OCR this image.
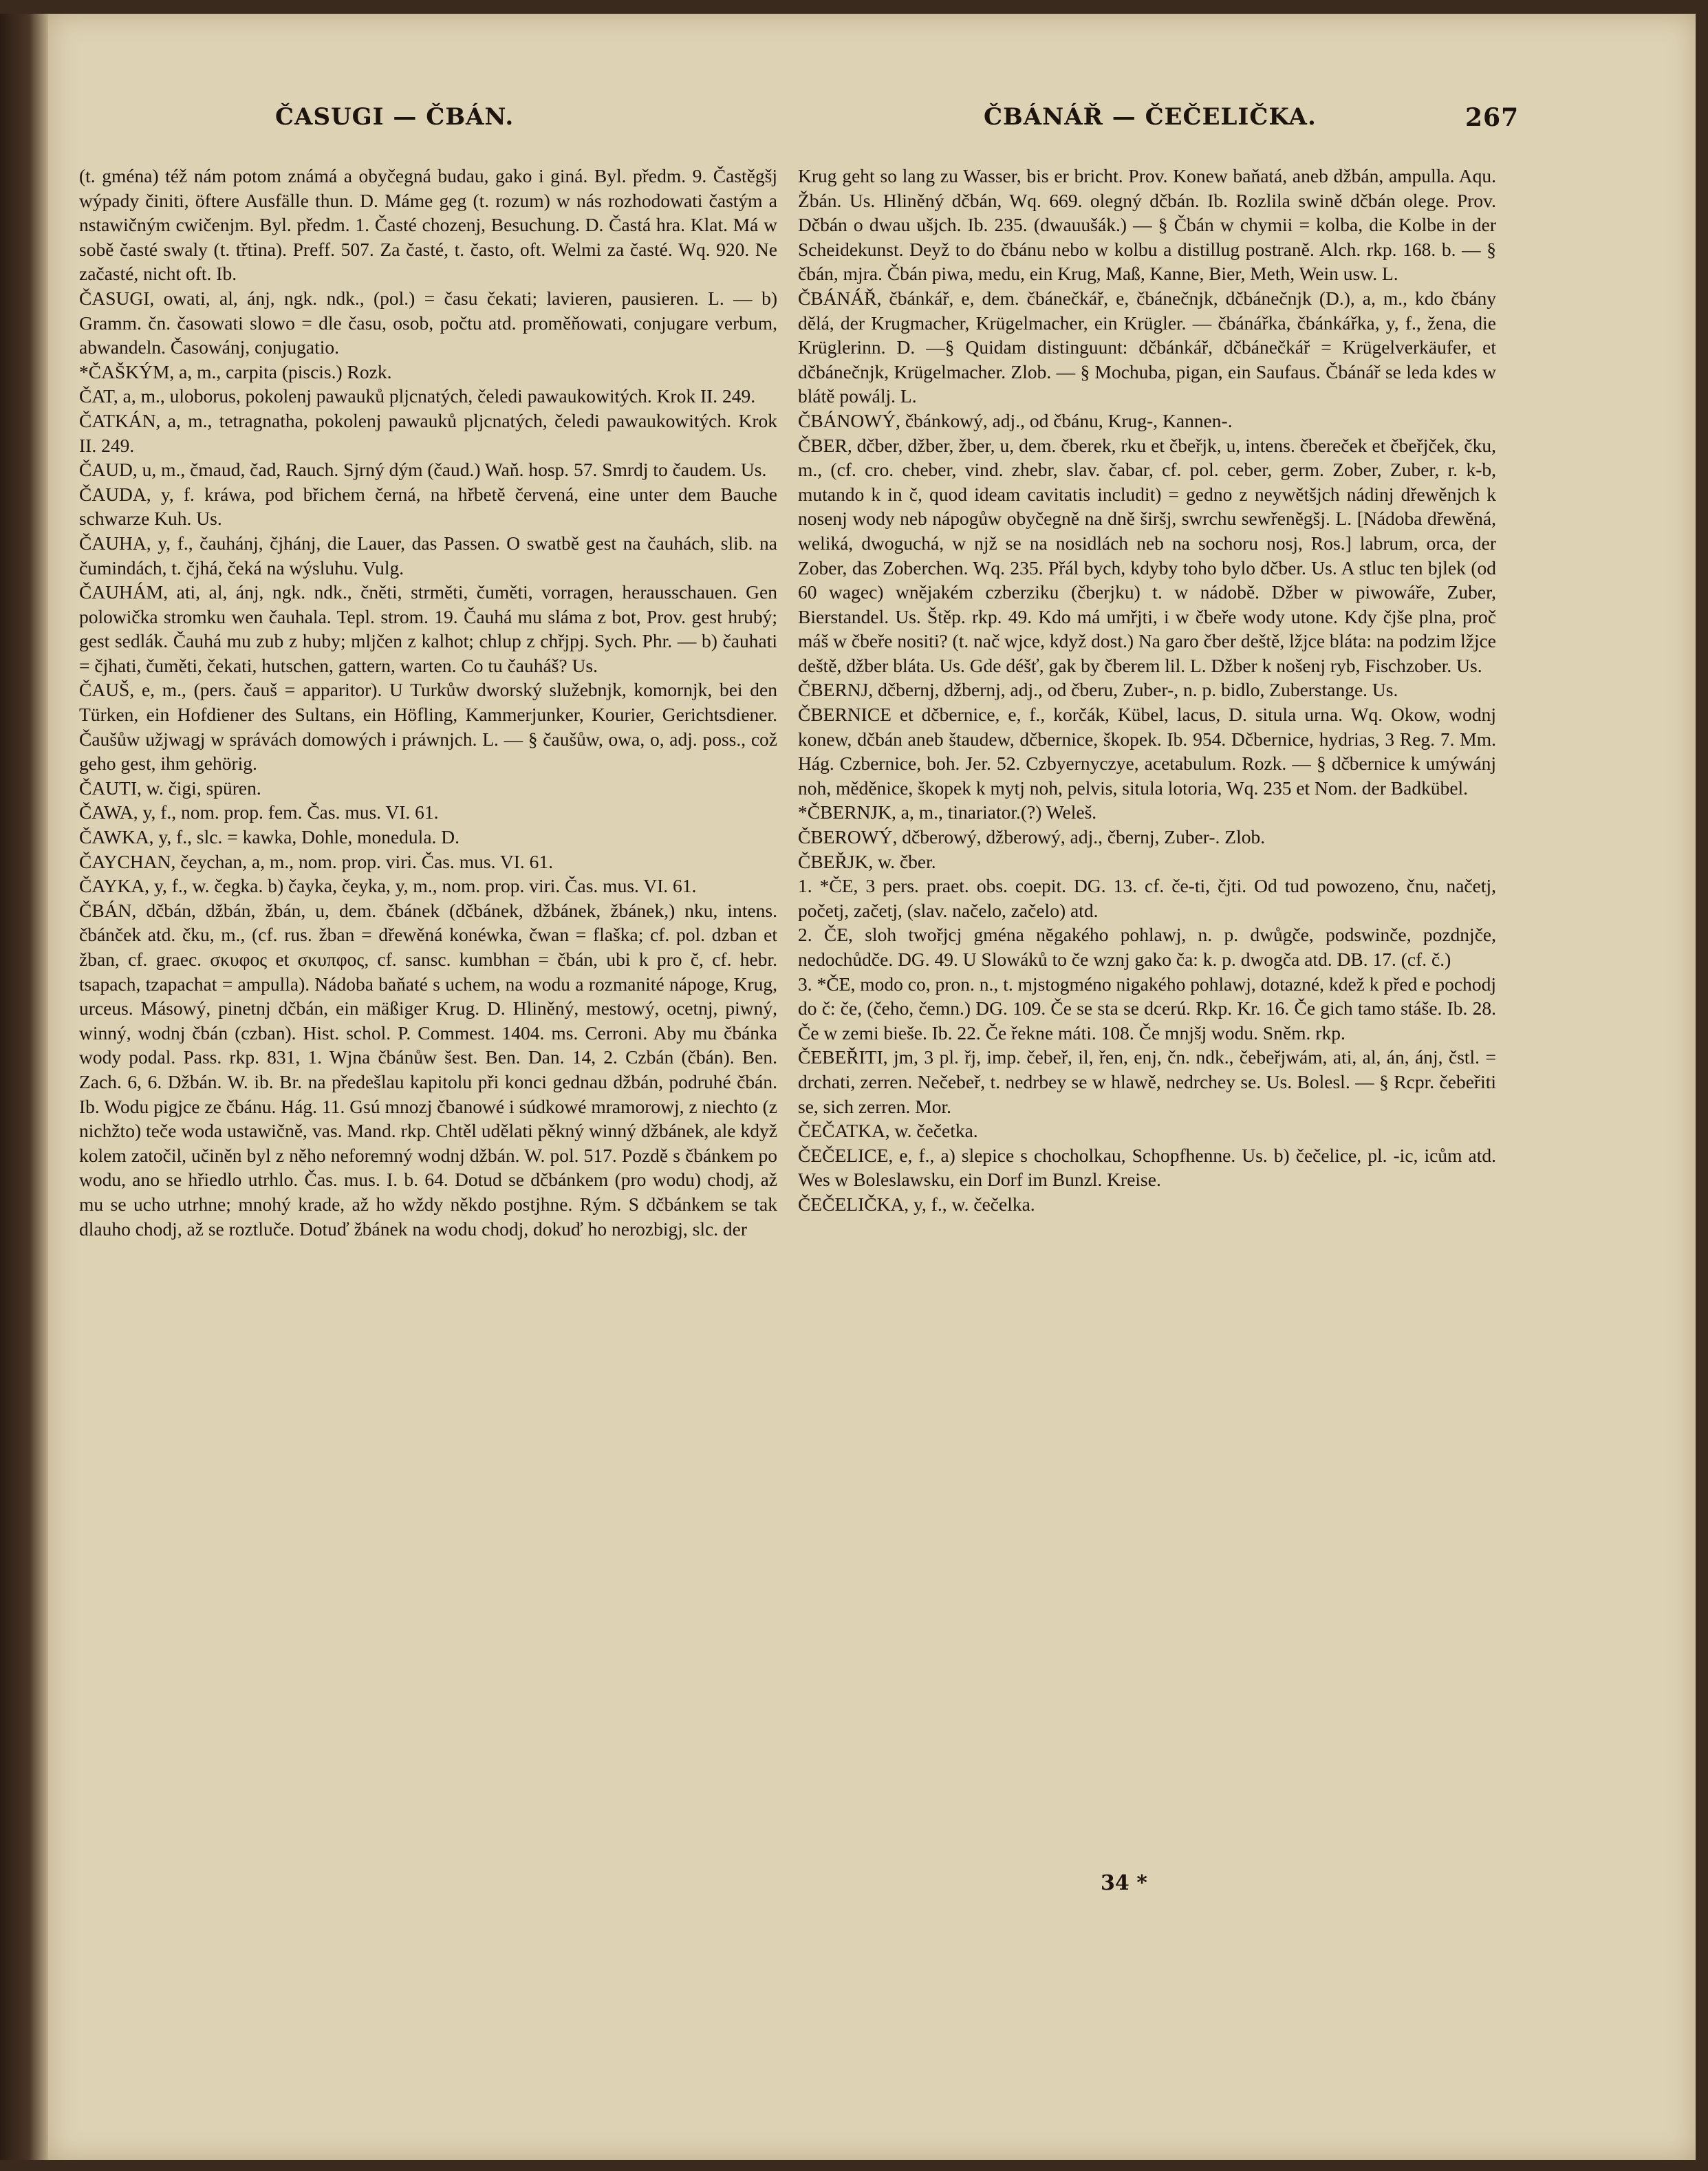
ČASUGI — ČBÁN.	ČBÁNÁŘ — ČEČELIČKA.	267

(t. gména) též nám potom známá a obyčegná budau, gako i giná. Byl. předm. 9. Častěgšj wýpady činiti, öftere Ausfälle thun. D. Máme geg (t. rozum) w nás rozhodowati častým a nstawičným cwičenjm. Byl. předm. 1. Časté chozenj, Besuchung. D. Častá hra. Klat. Má w sobě časté swaly (t. třtina). Preff. 507. Za časté, t. často, oft. Welmi za časté. Wq. 920. Ne začasté, nicht oft. Ib.

ČASUGI, owati, al, ánj, ngk. ndk., (pol.) = času čekati; lavieren, pausieren. L. — b) Gramm. čn. časowati slowo = dle času, osob, počtu atd. proměňowati, conjugare verbum, abwandeln. Časowánj, conjugatio.

*ČAŠKÝM, a, m., carpita (piscis.) Rozk.

ČAT, a, m., uloborus, pokolenj pawauků pljcnatých, čeledi pawaukowitých. Krok II. 249.

ČATKÁN, a, m., tetragnatha, pokolenj pawauků pljcnatých, čeledi pawaukowitých. Krok II. 249.

ČAUD, u, m., čmaud, čad, Rauch. Sjrný dým (čaud.) Waň. hosp. 57. Smrdj to čaudem. Us.

ČAUDA, y, f. kráwa, pod břichem černá, na hřbetě červená, eine unter dem Bauche schwarze Kuh. Us.

ČAUHA, y, f., čauhánj, čjhánj, die Lauer, das Passen. O swatbě gest na čauhách, slib. na čumindách, t. čjhá, čeká na wýsluhu. Vulg.

ČAUHÁM, ati, al, ánj, ngk. ndk., čněti, strměti, čuměti, vorragen, herausschauen. Gen polowička stromku wen čauhala. Tepl. strom. 19. Čauhá mu sláma z bot, Prov. gest hrubý; gest sedlák. Čauhá mu zub z huby; mljčen z kalhot; chlup z chřjpj. Sych. Phr. — b) čauhati = čjhati, čuměti, čekati, hutschen, gattern, warten. Co tu čauháš? Us.

ČAUŠ, e, m., (pers. čauš = apparitor). U Turkůw dworský služebnjk, komornjk, bei den Türken, ein Hofdiener des Sultans, ein Höfling, Kammerjunker, Kourier, Gerichtsdiener. Čaušůw užjwagj w správách domowých i práwnjch. L. — § čaušůw, owa, o, adj. poss., což geho gest, ihm gehörig.

ČAUTI, w. čigi, spüren.

ČAWA, y, f., nom. prop. fem. Čas. mus. VI. 61.

ČAWKA, y, f., slc. = kawka, Dohle, monedula. D.

ČAYCHAN, čeychan, a, m., nom. prop. viri. Čas. mus. VI. 61.

ČAYKA, y, f., w. čegka. b) čayka, čeyka, y, m., nom. prop. viri. Čas. mus. VI. 61.

ČBÁN, dčbán, džbán, žbán, u, dem. čbánek (dčbánek, džbánek, žbánek,) nku, intens. čbánček atd. čku, m., (cf. rus. žban = dřewěná konéwka, čwan = flaška; cf. pol. dzban et žban, cf. graec. σκυφος et σκυπφος, cf. sansc. kumbhan = čbán, ubi k pro č, cf. hebr. tsapach, tzapachat = ampulla). Nádoba baňaté s uchem, na wodu a rozmanité nápoge, Krug, urceus. Másowý, pinetnj dčbán, ein mäßiger Krug. D. Hliněný, mestowý, ocetnj, piwný, winný, wodnj čbán (czban). Hist. schol. P. Commest. 1404. ms. Cerroni. Aby mu čbánka wody podal. Pass. rkp. 831, 1. Wjna čbánůw šest. Ben. Dan. 14, 2. Czbán (čbán). Ben. Zach. 6, 6. Džbán. W. ib. Br. na předešlau kapitolu při konci gednau džbán, podruhé čbán. Ib. Wodu pigjce ze čbánu. Hág. 11. Gsú mnozj čbanowé i súdkowé mramorowj, z niechto (z nichžto) teče woda ustawičně, vas. Mand. rkp. Chtěl udělati pěkný winný džbánek, ale když kolem zatočil, učiněn byl z něho neforemný wodnj džbán. W. pol. 517. Pozdě s čbánkem po wodu, ano se hřiedlo utrhlo. Čas. mus. I. b. 64. Dotud se dčbánkem (pro wodu) chodj, až mu se ucho utrhne; mnohý krade, až ho wždy někdo postjhne. Rým. S dčbánkem se tak dlauho chodj, až se roztluče. Dotuď žbánek na wodu chodj, dokuď ho nerozbigj, slc. der

Krug geht so lang zu Wasser, bis er bricht. Prov. Konew baňatá, aneb džbán, ampulla. Aqu. Žbán. Us. Hliněný dčbán, Wq. 669. olegný dčbán. Ib. Rozlila swině dčbán olege. Prov. Dčbán o dwau ušjch. Ib. 235. (dwauušák.) — § Čbán w chymii = kolba, die Kolbe in der Scheidekunst. Deyž to do čbánu nebo w kolbu a distillug postraně. Alch. rkp. 168. b. — § čbán, mjra. Čbán piwa, medu, ein Krug, Maß, Kanne, Bier, Meth, Wein usw. L.

ČBÁNÁŘ, čbánkář, e, dem. čbánečkář, e, čbánečnjk, dčbánečnjk (D.), a, m., kdo čbány dělá, der Krugmacher, Krügelmacher, ein Krügler. — čbánářka, čbánkářka, y, f., žena, die Krüglerinn. D. —§ Quidam distinguunt: dčbánkář, dčbánečkář = Krügelverkäufer, et dčbánečnjk, Krügelmacher. Zlob. — § Mochuba, pigan, ein Saufaus. Čbánář se leda kdes w blátě powálj. L.

ČBÁNOWÝ, čbánkowý, adj., od čbánu, Krug-, Kannen-.

ČBER, dčber, džber, žber, u, dem. čberek, rku et čbeřjk, u, intens. čbereček et čbeřjček, čku, m., (cf. cro. cheber, vind. zhebr, slav. čabar, cf. pol. ceber, germ. Zober, Zuber, r. k-b, mutando k in č, quod ideam cavitatis includit) = gedno z neywětšjch nádinj dřewěnjch k nosenj wody neb nápogůw obyčegně na dně širšj, swrchu sewřeněgšj. L. [Nádoba dřewěná, weliká, dwoguchá, w njž se na nosidlách neb na sochoru nosj, Ros.] labrum, orca, der Zober, das Zoberchen. Wq. 235. Přál bych, kdyby toho bylo dčber. Us. A stluc ten bjlek (od 60 wagec) wnějakém czberziku (čberjku) t. w nádobě. Džber w piwowáře, Zuber, Bierstandel. Us. Štěp. rkp. 49. Kdo má umřjti, i w čbeře wody utone. Kdy čjše plna, proč máš w čbeře nositi? (t. nač wjce, když dost.) Na garo čber deště, lžjce bláta: na podzim lžjce deště, džber bláta. Us. Gde déšť, gak by čberem lil. L. Džber k nošenj ryb, Fischzober. Us.

ČBERNJ, dčbernj, džbernj, adj., od čberu, Zuber-, n. p. bidlo, Zuberstange. Us.

ČBERNICE et dčbernice, e, f., korčák, Kübel, lacus, D. situla urna. Wq. Okow, wodnj konew, dčbán aneb štaudew, dčbernice, škopek. Ib. 954. Dčbernice, hydrias, 3 Reg. 7. Mm. Hág. Czbernice, boh. Jer. 52. Czbyernyczye, acetabulum. Rozk. — § dčbernice k umýwánj noh, měděnice, škopek k mytj noh, pelvis, situla lotoria, Wq. 235 et Nom. der Badkübel.

*ČBERNJK, a, m., tinariator.(?) Weleš.

ČBEROWÝ, dčberowý, džberowý, adj., čbernj, Zuber-. Zlob.

ČBEŘJK, w. čber.

1. *ČE, 3 pers. praet. obs. coepit. DG. 13. cf. če-ti, čjti. Od tud powozeno, čnu, načetj, početj, začetj, (slav. načelo, začelo) atd.

2. ČE, sloh twořjcj gména nĕgakého pohlawj, n. p. dwůgče, podswinče, pozdnjče, nedochůdče. DG. 49. U Slowáků to če wznj gako ča: k. p. dwogča atd. DB. 17. (cf. č.)

3. *ČE, modo co, pron. n., t. mjstogméno nigakého pohlawj, dotazné, kdež k před e pochodj do č: če, (čeho, čemn.) DG. 109. Če se sta se dcerú. Rkp. Kr. 16. Če gich tamo stáše. Ib. 28. Če w zemi bieše. Ib. 22. Če řekne máti. 108. Če mnjšj wodu. Sněm. rkp.

ČEBEŘITI, jm, 3 pl. řj, imp. čebeř, il, řen, enj, čn. ndk., čebeřjwám, ati, al, án, ánj, čstl. = drchati, zerren. Nečebeř, t. nedrbey se w hlawě, nedrchey se. Us. Bolesl. — § Rcpr. čebeřiti se, sich zerren. Mor.

ČEČATKA, w. čečetka.

ČEČELICE, e, f., a) slepice s chocholkau, Schopfhenne. Us. b) čečelice, pl. -ic, icům atd. Wes w Boleslawsku, ein Dorf im Bunzl. Kreise.

ČEČELIČKA, y, f., w. čečelka.

34 *
